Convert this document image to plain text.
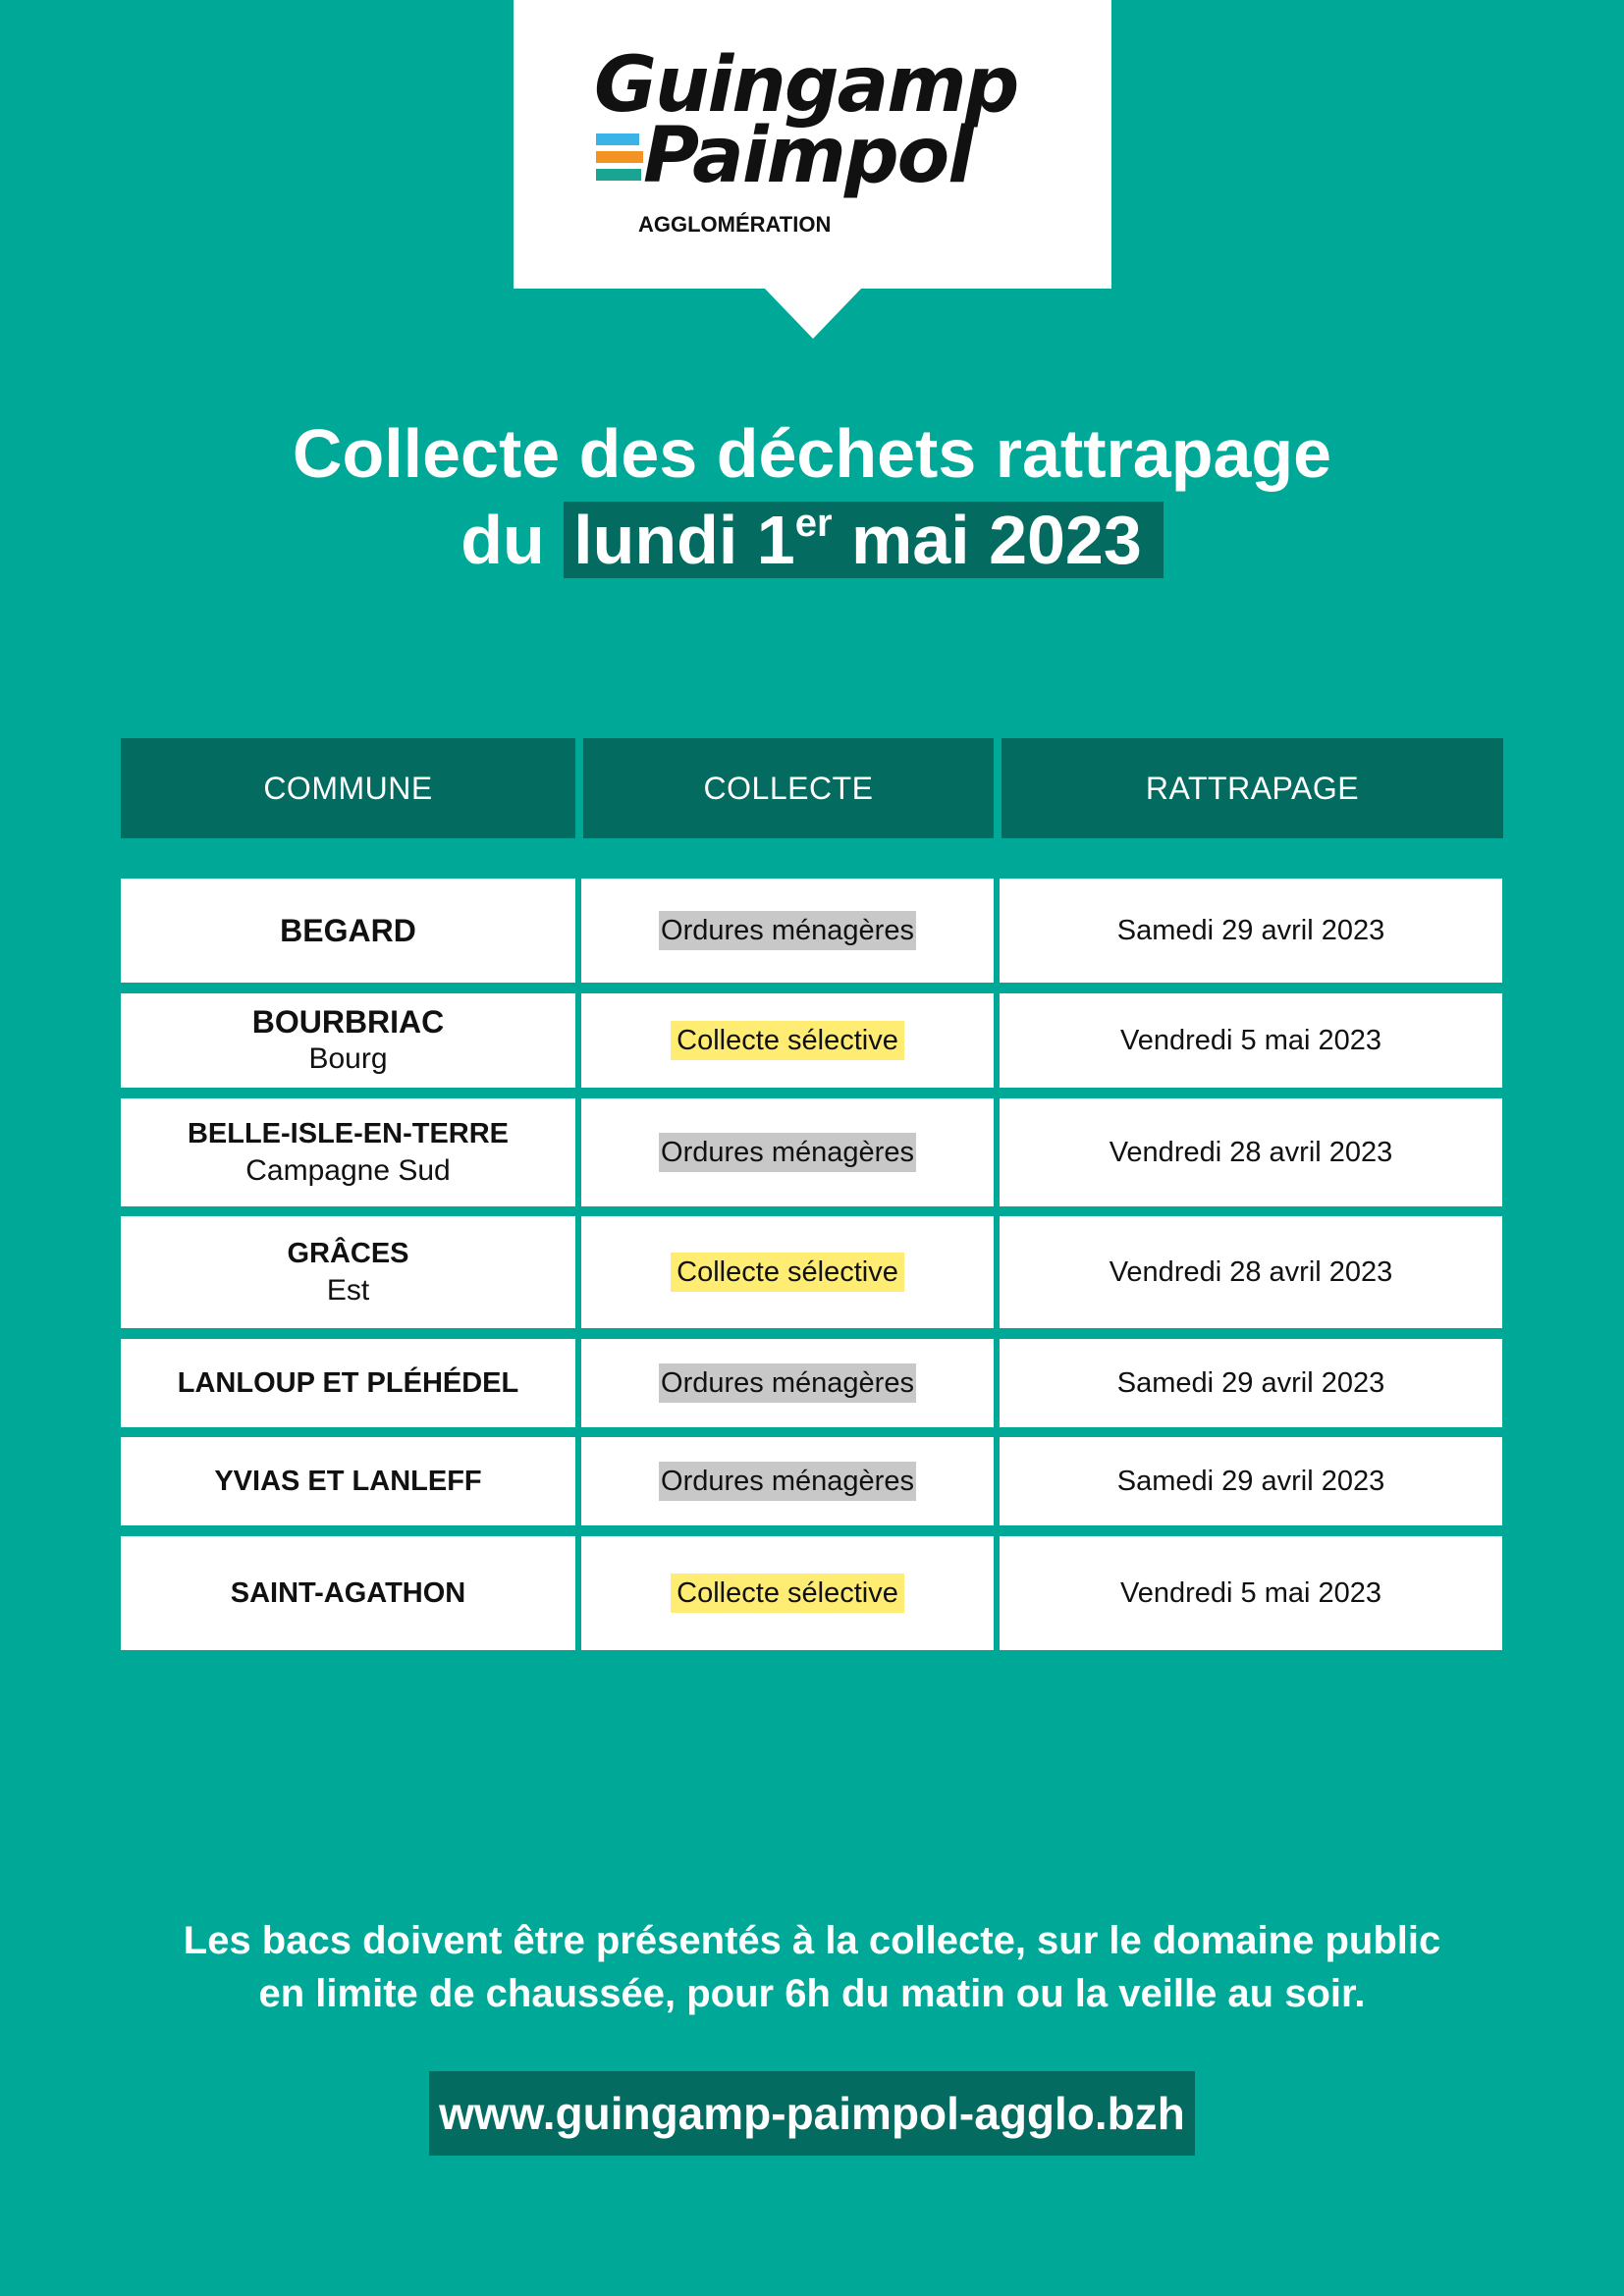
Guingamp
Paimpol
AGGLOMÉRATION
Collecte des déchets rattrapage
du lundi 1er mai 2023
COMMUNE	COLLECTE	RATTRAPAGE
BEGARD	Ordures ménagères	Samedi 29 avril 2023
BOURBRIAC
Bourg
Collecte sélective	Vendredi 5 mai 2023
BELLE-ISLE-EN-TERRE
Campagne Sud
Ordures ménagères	Vendredi 28 avril 2023
GRÂCES
Est
Collecte sélective	Vendredi 28 avril 2023
LANLOUP ET PLÉHÉDEL	Ordures ménagères	Samedi 29 avril 2023
YVIAS ET LANLEFF	Ordures ménagères	Samedi 29 avril 2023
SAINT-AGATHON	Collecte sélective	Vendredi 5 mai 2023
Les bacs doivent être présentés à la collecte, sur le domaine public
en limite de chaussée, pour 6h du matin ou la veille au soir.
www.guingamp-paimpol-agglo.bzh
